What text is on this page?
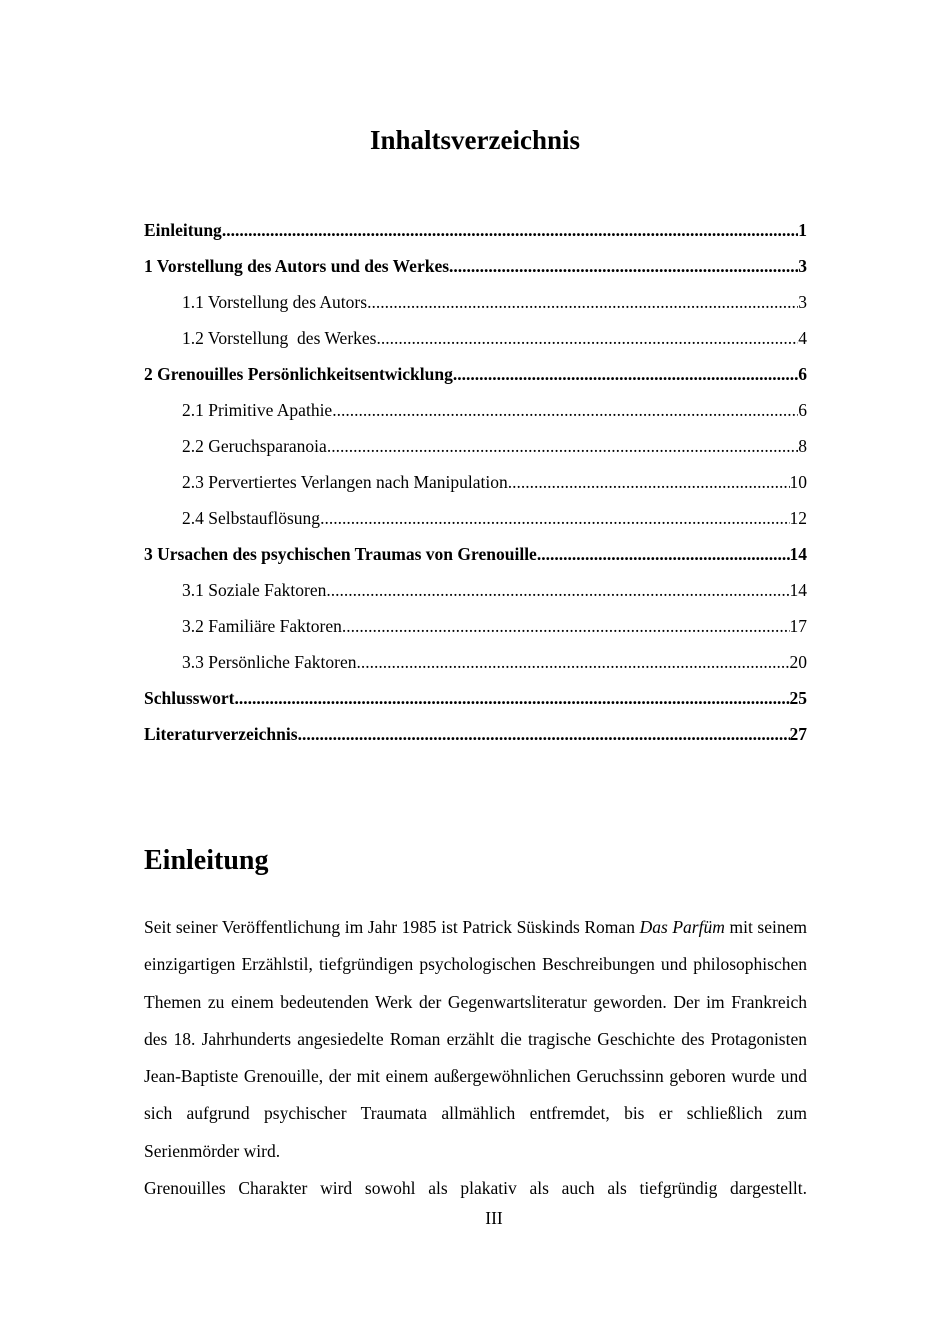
Inhaltsverzeichnis
Einleitung .....	1
1 Vorstellung des Autors und des Werkes .....	3
1.1 Vorstellung des Autors .....	3
1.2 Vorstellung  des Werkes .....	4
2 Grenouilles Persönlichkeitsentwicklung .....	6
2.1 Primitive Apathie .....	6
2.2 Geruchsparanoia .....	8
2.3 Pervertiertes Verlangen nach Manipulation .....	10
2.4 Selbstauflösung .....	12
3 Ursachen des psychischen Traumas von Grenouille .....	14
3.1 Soziale Faktoren .....	14
3.2 Familiäre Faktoren .....	17
3.3 Persönliche Faktoren .....	20
Schlusswort .....	25
Literaturverzeichnis .....	27
Einleitung

Seit seiner Veröffentlichung im Jahr 1985 ist Patrick Süskinds Roman Das Parfüm mit seinem einzigartigen Erzählstil, tiefgründigen psychologischen Beschreibungen und philosophischen Themen zu einem bedeutenden Werk der Gegenwartsliteratur geworden. Der im Frankreich des 18. Jahrhunderts angesiedelte Roman erzählt die tragische Geschichte des Protagonisten Jean-Baptiste Grenouille, der mit einem außergewöhnlichen Geruchssinn geboren wurde und sich aufgrund psychischer Traumata allmählich entfremdet, bis er schließlich zum Serienmörder wird.

Grenouilles Charakter wird sowohl als plakativ als auch als tiefgründig dargestellt.

III
